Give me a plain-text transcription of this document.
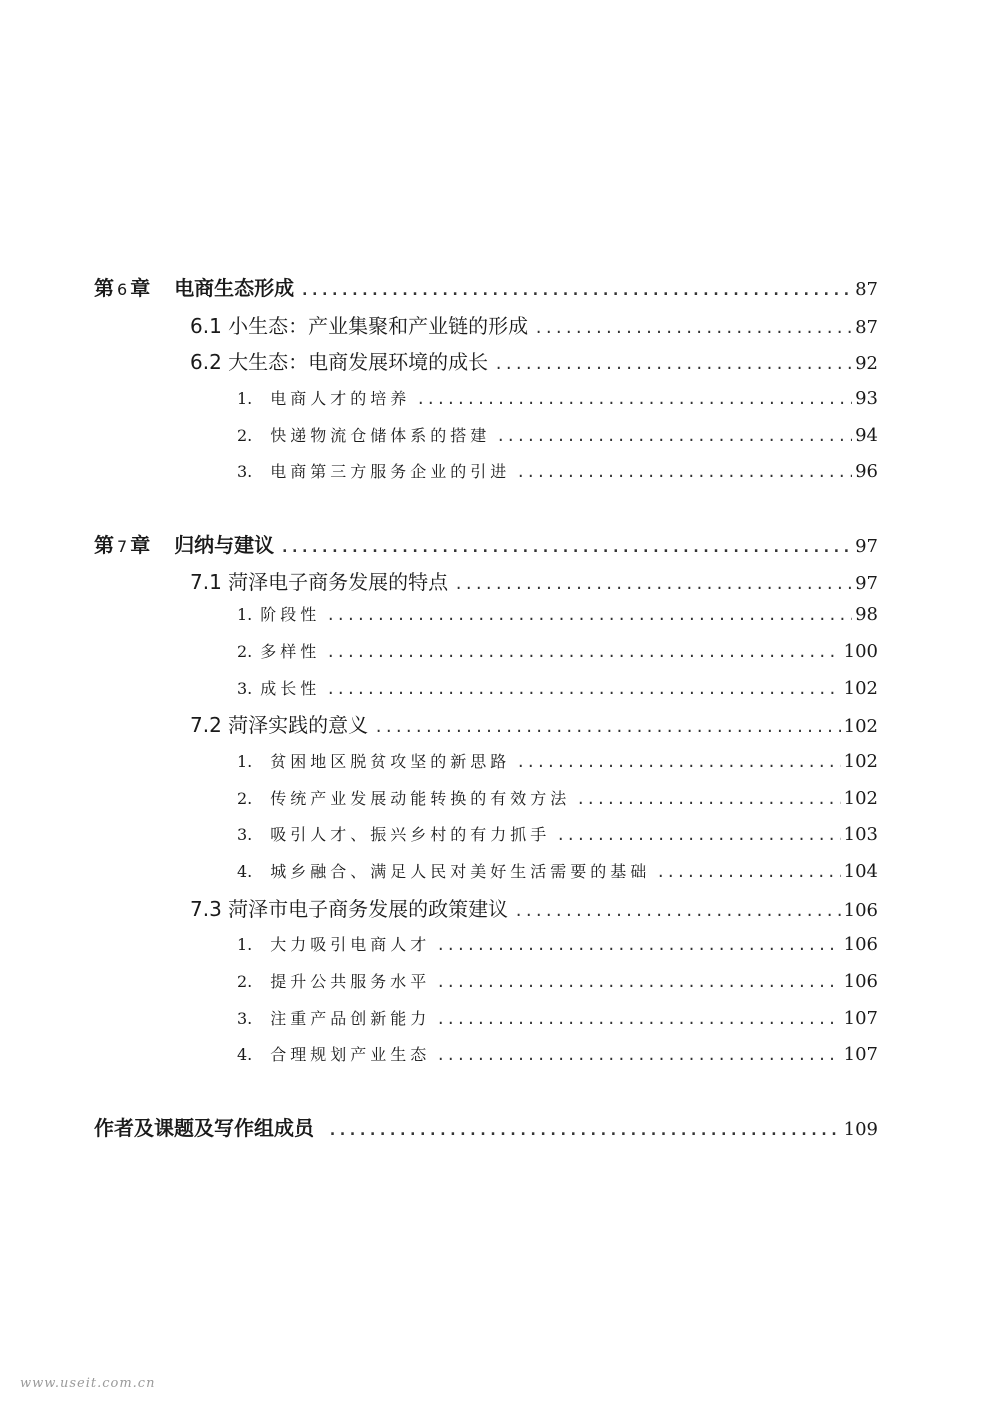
第 6 章 电商生态形成 .....	87
6.1 小生态：产业集聚和产业链的形成 .....	87
6.2 大生态：电商发展环境的成长 .....	92
1. 电商人才的培养 .....	93
2. 快递物流仓储体系的搭建 .....	94
3. 电商第三方服务企业的引进 .....	96
第 7 章 归纳与建议 .....	97
7.1 菏泽电子商务发展的特点 .....	97
1. 阶段性 .....	98
2. 多样性 .....	100
3. 成长性 .....	102
7.2 菏泽实践的意义 .....	102
1. 贫困地区脱贫攻坚的新思路 .....	102
2. 传统产业发展动能转换的有效方法 .....	102
3. 吸引人才、振兴乡村的有力抓手 .....	103
4. 城乡融合、满足人民对美好生活需要的基础 .....	104
7.3 菏泽市电子商务发展的政策建议 .....	106
1. 大力吸引电商人才 .....	106
2. 提升公共服务水平 .....	106
3. 注重产品创新能力 .....	107
4. 合理规划产业生态 .....	107
作者及课题及写作组成员 .....	109
www.useit.com.cn
